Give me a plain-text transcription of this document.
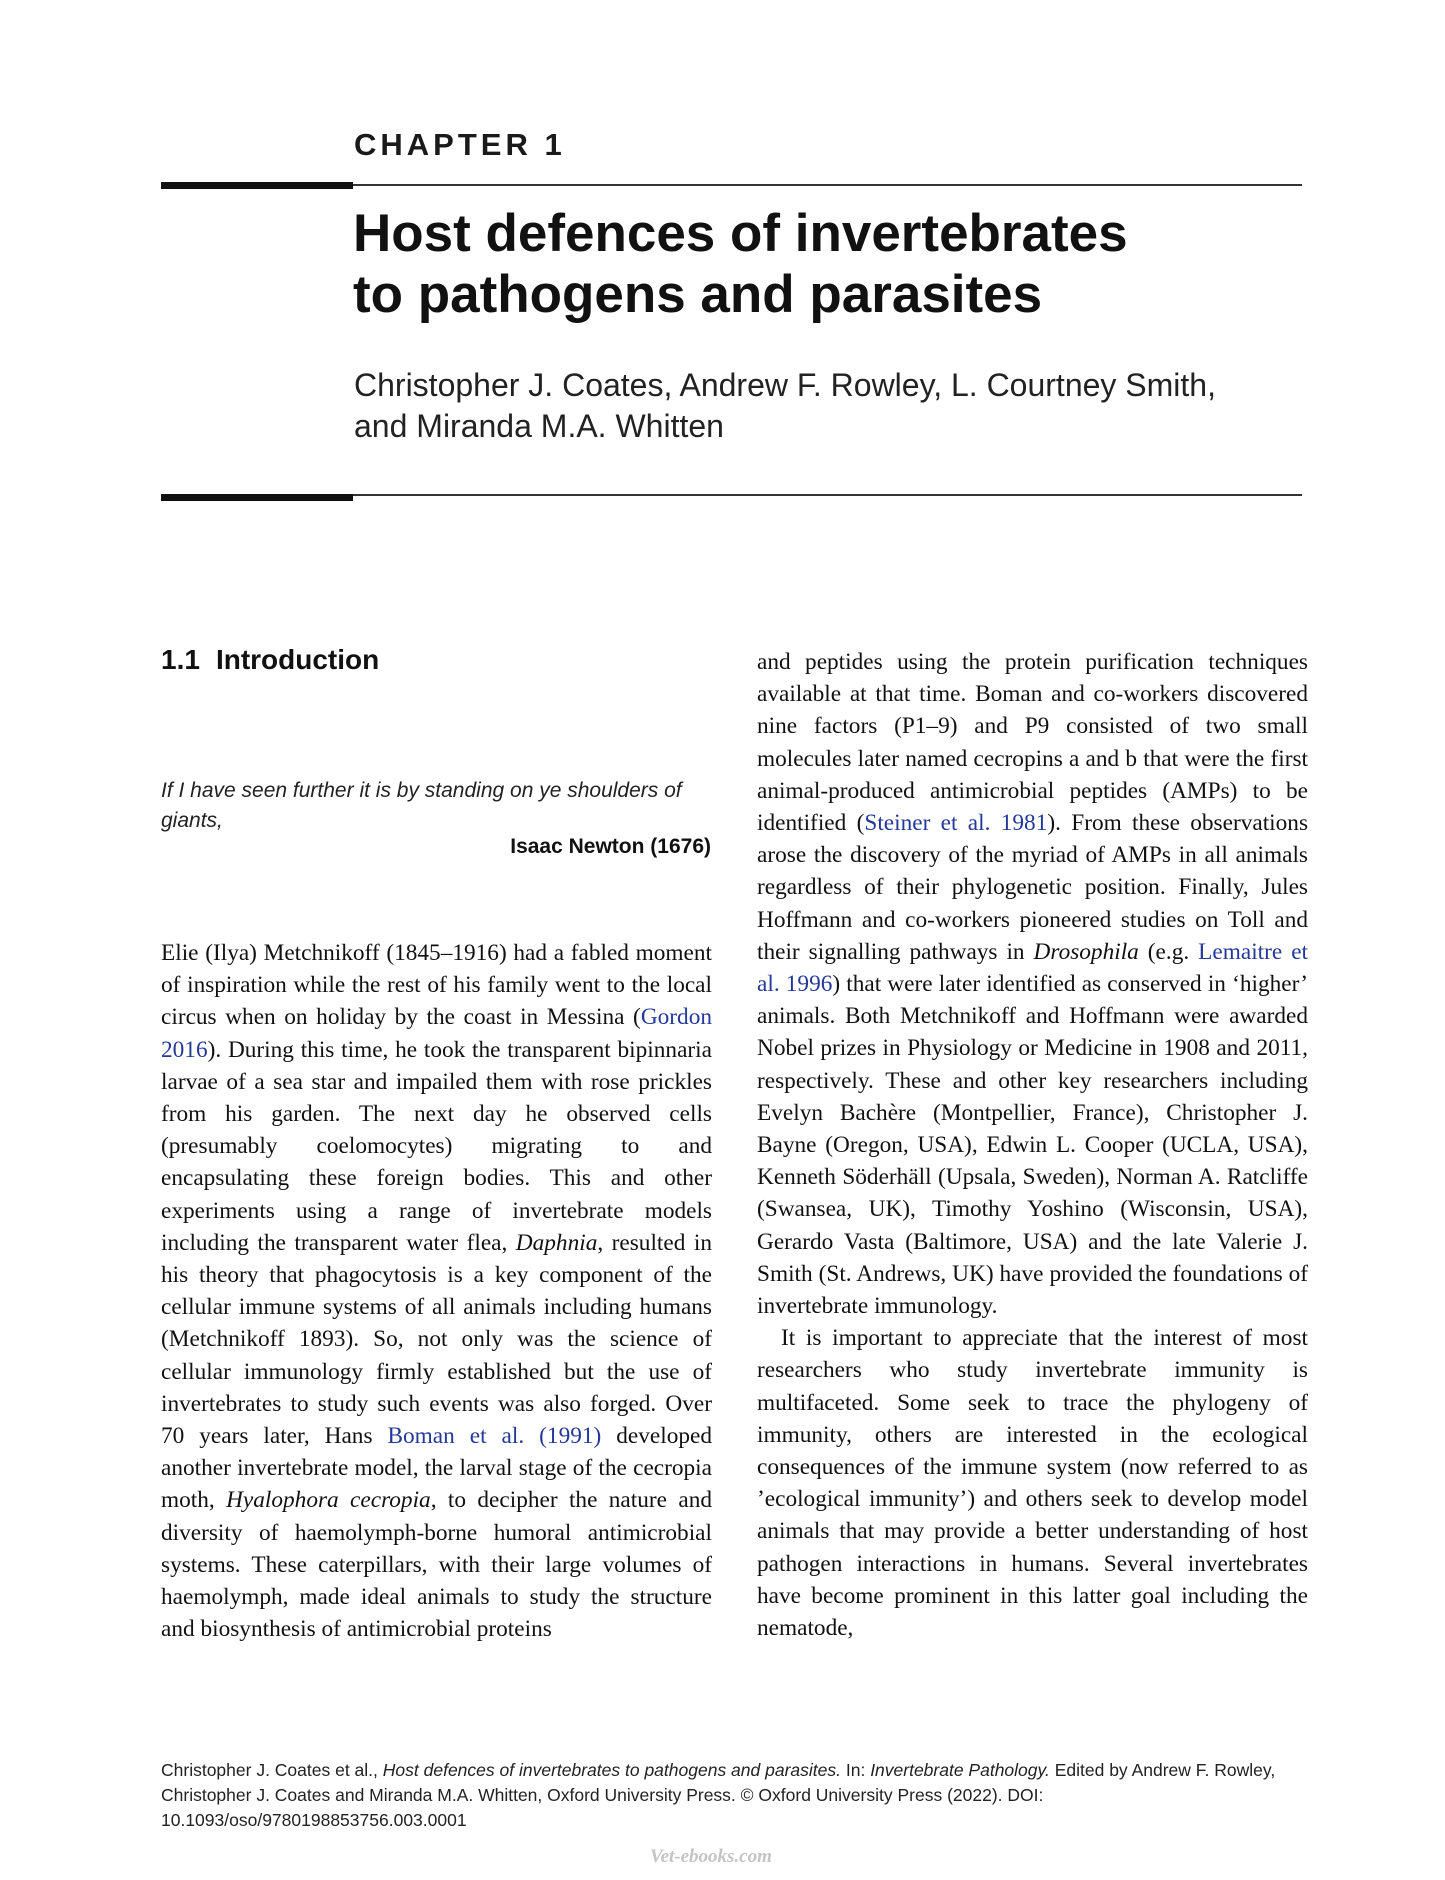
CHAPTER 1
Host defences of invertebrates
to pathogens and parasites
Christopher J. Coates, Andrew F. Rowley, L. Courtney Smith,
and Miranda M.A. Whitten
1.1 Introduction
If I have seen further it is by standing on ye shoulders of giants,
Isaac Newton (1676)

Elie (Ilya) Metchnikoff (1845–1916) had a fabled moment of inspiration while the rest of his family went to the local circus when on holiday by the coast in Messina (Gordon 2016). During this time, he took the transparent bipinnaria larvae of a sea star and impailed them with rose prickles from his garden. The next day he observed cells (presumably coelomocytes) migrating to and encapsulating these foreign bodies. This and other experiments using a range of invertebrate models including the transparent water flea, Daphnia, resulted in his theory that phagocytosis is a key component of the cellular immune systems of all animals including humans (Metchnikoff 1893). So, not only was the science of cellular immunology firmly established but the use of invertebrates to study such events was also forged. Over 70 years later, Hans Boman et al. (1991) developed another invertebrate model, the larval stage of the cecropia moth, Hyalophora cecropia, to decipher the nature and diversity of haemolymph-borne humoral antimicrobial systems. These caterpillars, with their large volumes of haemolymph, made ideal animals to study the structure and biosynthesis of antimicrobial proteins

and peptides using the protein purification techniques available at that time. Boman and co-workers discovered nine factors (P1–9) and P9 consisted of two small molecules later named cecropins a and b that were the first animal-produced antimicrobial peptides (AMPs) to be identified (Steiner et al. 1981). From these observations arose the discovery of the myriad of AMPs in all animals regardless of their phylogenetic position. Finally, Jules Hoffmann and co-workers pioneered studies on Toll and their signalling pathways in Drosophila (e.g. Lemaitre et al. 1996) that were later identified as conserved in ‘higher’ animals. Both Metchnikoff and Hoffmann were awarded Nobel prizes in Physiology or Medicine in 1908 and 2011, respectively. These and other key researchers including Evelyn Bachère (Montpellier, France), Christopher J. Bayne (Oregon, USA), Edwin L. Cooper (UCLA, USA), Kenneth Söderhäll (Upsala, Sweden), Norman A. Ratcliffe (Swansea, UK), Timothy Yoshino (Wisconsin, USA), Gerardo Vasta (Baltimore, USA) and the late Valerie J. Smith (St. Andrews, UK) have provided the foundations of invertebrate immunology.

It is important to appreciate that the interest of most researchers who study invertebrate immunity is multifaceted. Some seek to trace the phylogeny of immunity, others are interested in the ecological consequences of the immune system (now referred to as ’ecological immunity’) and others seek to develop model animals that may provide a better understanding of host pathogen interactions in humans. Several invertebrates have become prominent in this latter goal including the nematode,

Christopher J. Coates et al., Host defences of invertebrates to pathogens and parasites. In: Invertebrate Pathology. Edited by Andrew F. Rowley, Christopher J. Coates and Miranda M.A. Whitten, Oxford University Press. © Oxford University Press (2022). DOI: 10.1093/oso/9780198853756.003.0001
Vet-ebooks.com
